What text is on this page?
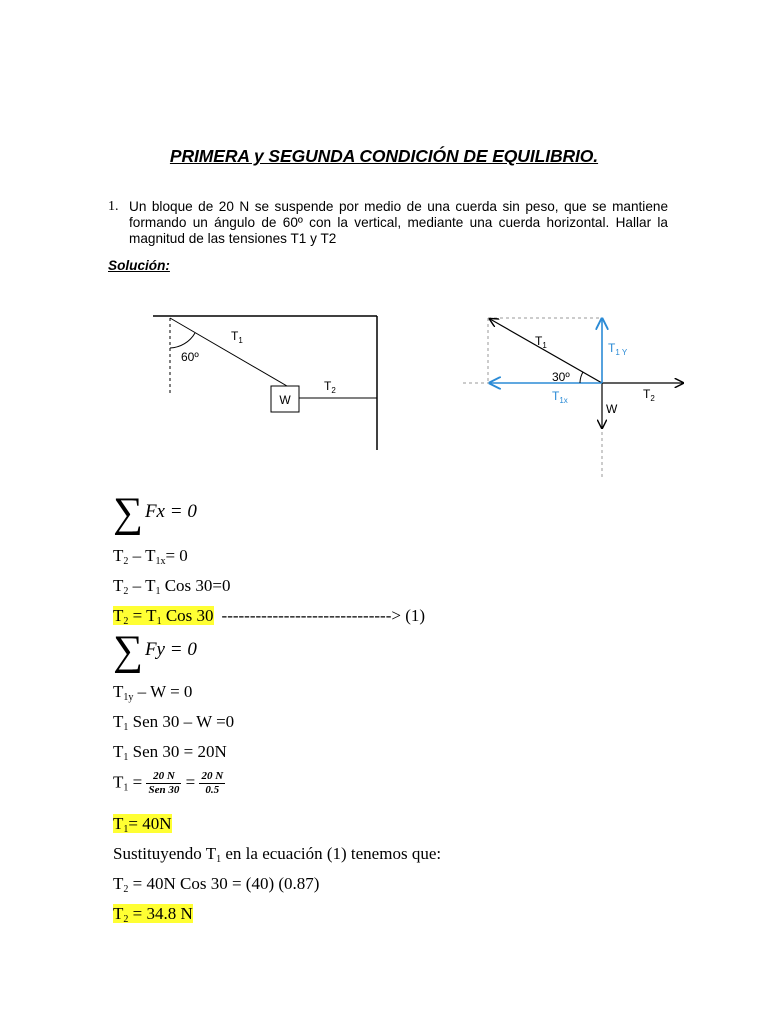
PRIMERA y SEGUNDA CONDICIÓN DE EQUILIBRIO.
1. Un bloque de 20 N se suspende por medio de una cuerda sin peso, que se mantiene formando un ángulo de 60º con la vertical, mediante una cuerda horizontal. Hallar la magnitud de las tensiones T1 y T2
Solución:
W
$T_1$
$T_2$
60º
$T_1$	$T_{1 Y}$
30º
$T_{1x}$
W
$T_2$
∑ Fx = 0
$T_2 - T_{1x}= 0$
$T_2 - T_1$ Cos 30=0
$T_2 = T_1$ Cos 30 ------------------------------> (1)
∑ Fy = 0
$T_{1y} - W = 0$
$T_1$ Sen 30 – W =0
$T_1$ Sen 30 = 20N
$T_1 = \frac{20 N}{\text{Sen 30}} = \frac{20 N}{0.5}$
$T_1= 40N$
Sustituyendo $T_1$ en la ecuación (1) tenemos que:
$T_2 = 40N$ Cos 30 = (40) (0.87)
$T_2 = 34.8$ N
